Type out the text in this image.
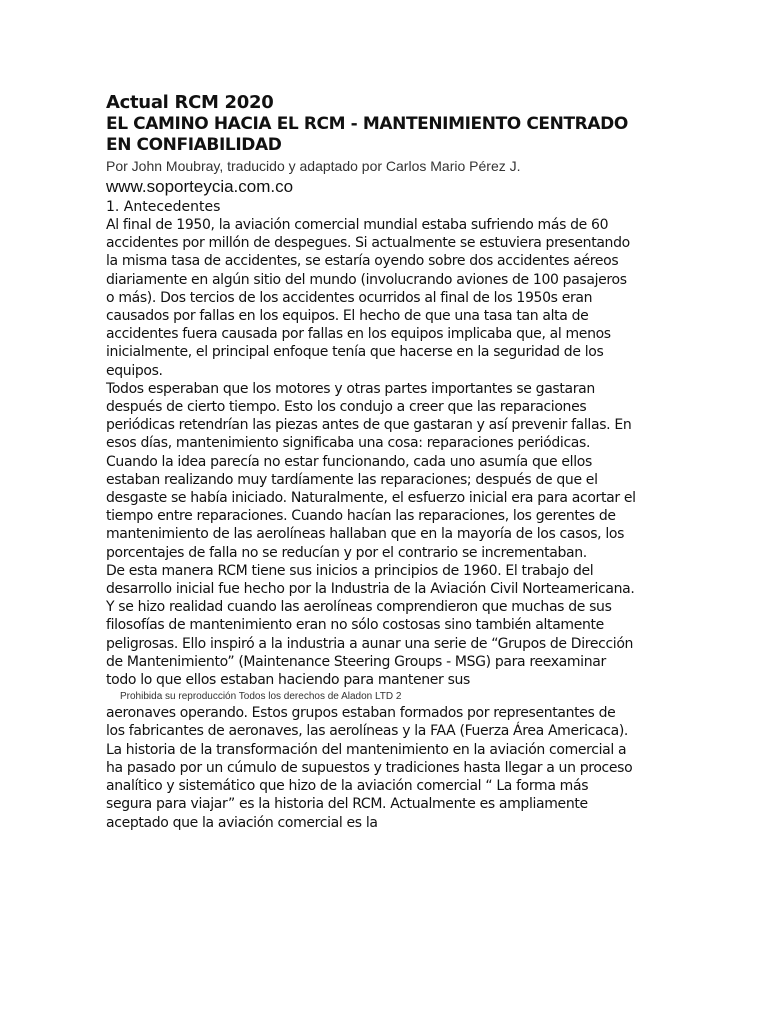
Actual RCM 2020
EL CAMINO HACIA EL RCM - MANTENIMIENTO CENTRADO EN CONFIABILIDAD
Por John Moubray, traducido y adaptado por Carlos Mario Pérez J.
www.soporteycia.com.co
1. Antecedentes

Al final de 1950, la aviación comercial mundial estaba sufriendo más de 60 accidentes por millón de despegues. Si actualmente se estuviera presentando la misma tasa de accidentes, se estaría oyendo sobre dos accidentes aéreos diariamente en algún sitio del mundo (involucrando aviones de 100 pasajeros o más). Dos tercios de los accidentes ocurridos al final de los 1950s eran causados por fallas en los equipos. El hecho de que una tasa tan alta de accidentes fuera causada por fallas en los equipos implicaba que, al menos inicialmente, el principal enfoque tenía que hacerse en la seguridad de los equipos.

Todos esperaban que los motores y otras partes importantes se gastaran después de cierto tiempo. Esto los condujo a creer que las reparaciones periódicas retendrían las piezas antes de que gastaran y así prevenir fallas. En esos días, mantenimiento significaba una cosa: reparaciones periódicas.

Cuando la idea parecía no estar funcionando, cada uno asumía que ellos estaban realizando muy tardíamente las reparaciones; después de que el desgaste se había iniciado. Naturalmente, el esfuerzo inicial era para acortar el tiempo entre reparaciones. Cuando hacían las reparaciones, los gerentes de mantenimiento de las aerolíneas hallaban que en la mayoría de los casos, los porcentajes de falla no se reducían y por el contrario se incrementaban.

De esta manera RCM tiene sus inicios a principios de 1960. El trabajo del desarrollo inicial fue hecho por la Industria de la Aviación Civil Norteamericana. Y se hizo realidad cuando las aerolíneas comprendieron que muchas de sus filosofías de mantenimiento eran no sólo costosas sino también altamente peligrosas. Ello inspiró a la industria a aunar una serie de “Grupos de Dirección de Mantenimiento” (Maintenance Steering Groups - MSG) para reexaminar todo lo que ellos estaban haciendo para mantener sus

Prohibida su reproducción Todos los derechos de Aladon LTD 2

aeronaves operando. Estos grupos estaban formados por representantes de los fabricantes de aeronaves, las aerolíneas y la FAA (Fuerza Área Americaca).

La historia de la transformación del mantenimiento en la aviación comercial a ha pasado por un cúmulo de supuestos y tradiciones hasta llegar a un proceso analítico y sistemático que hizo de la aviación comercial “ La forma más segura para viajar” es la historia del RCM. Actualmente es ampliamente aceptado que la aviación comercial es la
